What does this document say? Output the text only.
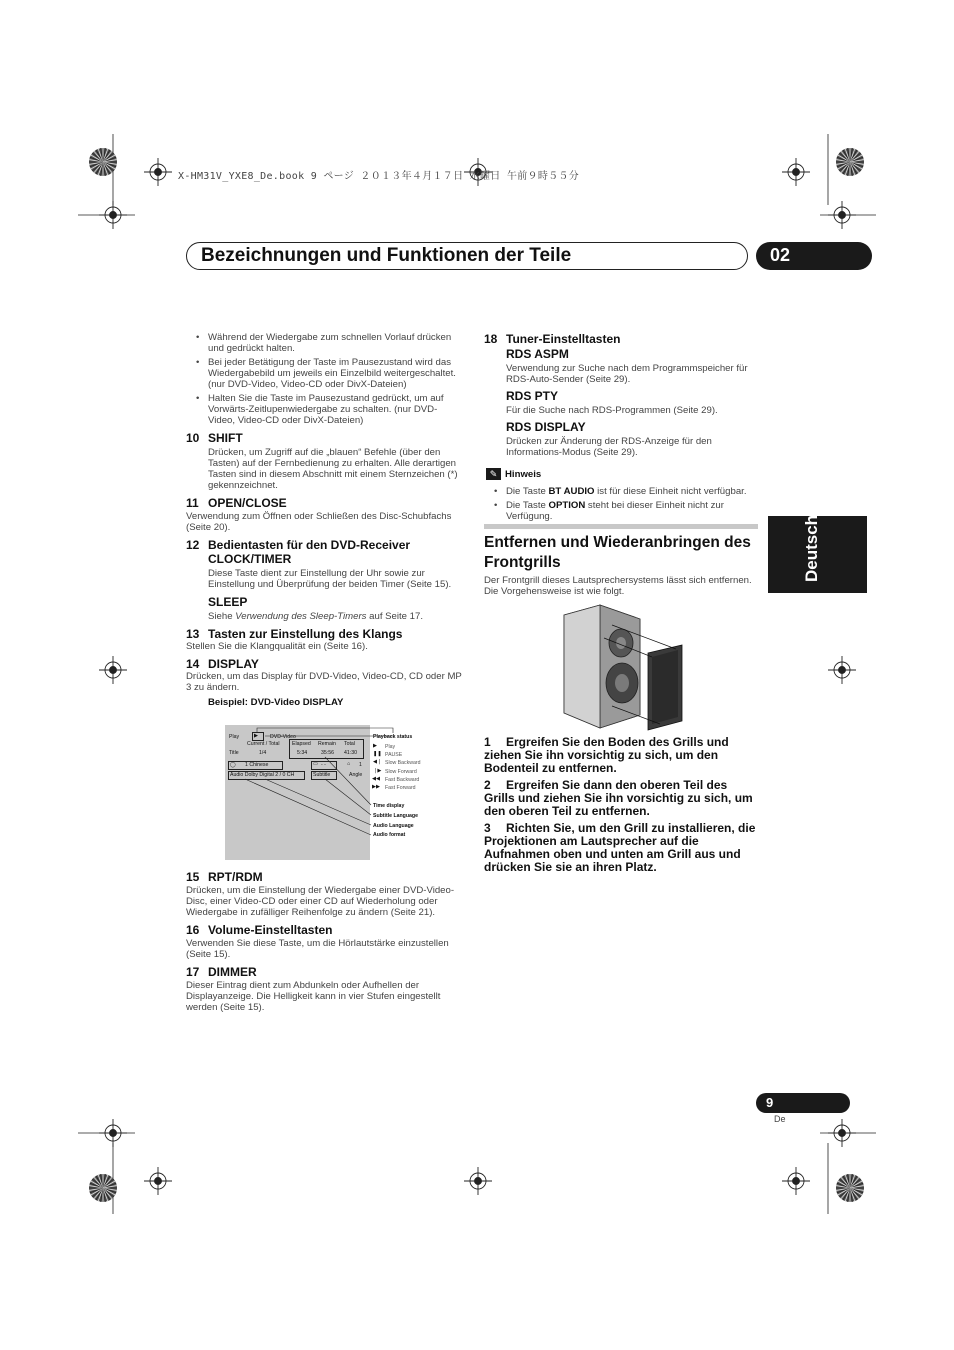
X-HM31V_YXE8_De.book 9 ページ ２０１３年４月１７日 水曜日 午前９時５５分
Bezeichnungen und Funktionen der Teile	02
Deutsch
• Während der Wiedergabe zum schnellen Vorlauf drücken und gedrückt halten.
• Bei jeder Betätigung der Taste im Pausezustand wird das Wiedergabebild um jeweils ein Einzelbild weitergeschaltet. (nur DVD-Video, Video-CD oder DivX-Dateien)
• Halten Sie die Taste im Pausezustand gedrückt, um auf Vorwärts-Zeitlupenwiedergabe zu schalten. (nur DVD-Video, Video-CD oder DivX-Dateien)
10 SHIFT
Drücken, um Zugriff auf die „blauen“ Befehle (über den Tasten) auf der Fernbedienung zu erhalten. Alle derartigen Tasten sind in diesem Abschnitt mit einem Sternzeichen (*) gekennzeichnet.
11 OPEN/CLOSE
Verwendung zum Öffnen oder Schließen des Disc-Schubfachs (Seite 20).
12 Bedientasten für den DVD-Receiver
CLOCK/TIMER
Diese Taste dient zur Einstellung der Uhr sowie zur Einstellung und Überprüfung der beiden Timer (Seite 15).
SLEEP
Siehe Verwendung des Sleep-Timers auf Seite 17.
13 Tasten zur Einstellung des Klangs
Stellen Sie die Klangqualität ein (Seite 16).
14 DISPLAY
Drücken, um das Display für DVD-Video, Video-CD, CD oder MP 3 zu ändern.
Beispiel: DVD-Video DISPLAY
Play	▶ DVD-Video	Playback status
Current / Total Elapsed Remain Total
Title	1/4	5:34	35:56 41:30
◯ 1 Chinese	▭ - -	⌂ 1
Audio Dolby Digital 2 / 0 CH	Subtitle	Angle
▶ Play
❚❚ PAUSE
◀❘ Slow Backward
❘▶ Slow Forward
◀◀ Fast Backward
▶▶ Fast Forward
Time display
Subtitle Language
Audio Language
Audio format
15 RPT/RDM
Drücken, um die Einstellung der Wiedergabe einer DVD-Video-Disc, einer Video-CD oder einer CD auf Wiederholung oder Wiedergabe in zufälliger Reihenfolge zu ändern (Seite 21).
16 Volume-Einstelltasten
Verwenden Sie diese Taste, um die Hörlautstärke einzustellen (Seite 15).
17 DIMMER
Dieser Eintrag dient zum Abdunkeln oder Aufhellen der Displayanzeige. Die Helligkeit kann in vier Stufen eingestellt werden (Seite 15).
18 Tuner-Einstelltasten
RDS ASPM
Verwendung zur Suche nach dem Programmspeicher für RDS-Auto-Sender (Seite 29).
RDS PTY
Für die Suche nach RDS-Programmen (Seite 29).
RDS DISPLAY
Drücken zur Änderung der RDS-Anzeige für den Informations-Modus (Seite 29).
✎ Hinweis
• Die Taste BT AUDIO ist für diese Einheit nicht verfügbar.
• Die Taste OPTION steht bei dieser Einheit nicht zur Verfügung.
Entfernen und Wiederanbringen des Frontgrills
Der Frontgrill dieses Lautsprechersystems lässt sich entfernen. Die Vorgehensweise ist wie folgt.
1 Ergreifen Sie den Boden des Grills und ziehen Sie ihn vorsichtig zu sich, um den Bodenteil zu entfernen.
2 Ergreifen Sie dann den oberen Teil des Grills und ziehen Sie ihn vorsichtig zu sich, um den oberen Teil zu entfernen.
3 Richten Sie, um den Grill zu installieren, die Projektionen am Lautsprecher auf die Aufnahmen oben und unten am Grill aus und drücken Sie sie an ihren Platz.
9
De
